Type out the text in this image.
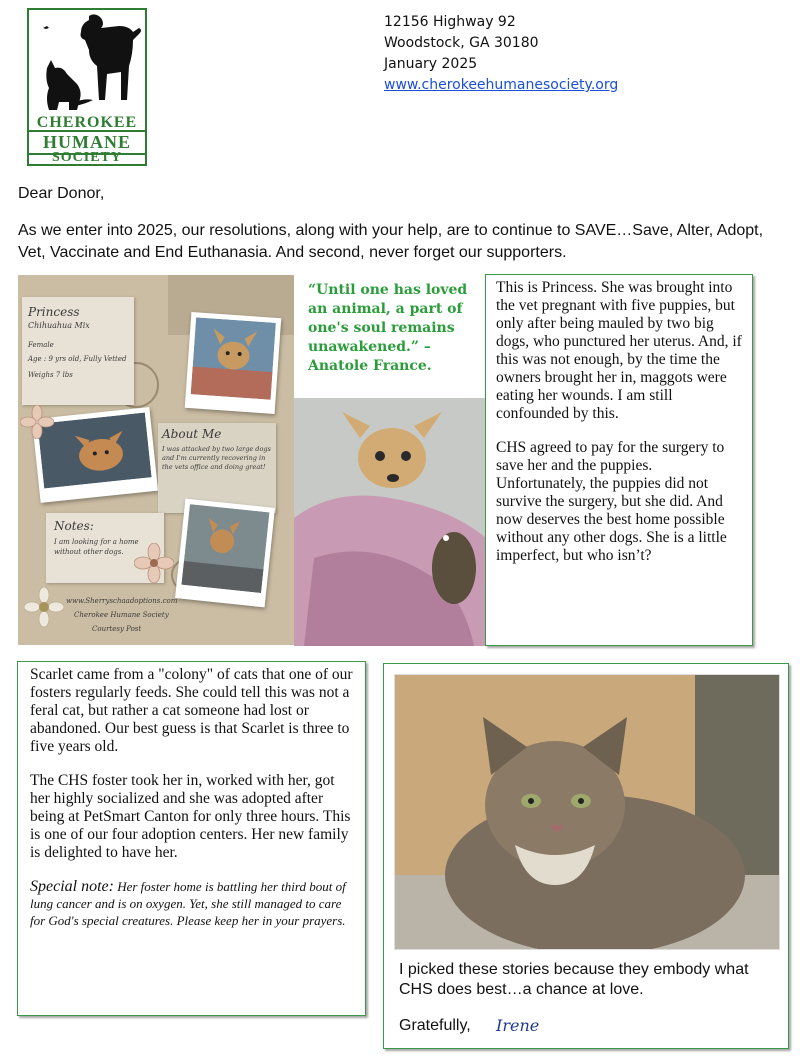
CHEROKEE
HUMANE
SOCIETY
12156 Highway 92
Woodstock, GA 30180
January 2025
www.cherokeehumanesociety.org
Dear Donor,
As we enter into 2025, our resolutions, along with your help, are to continue to SAVE…Save, Alter, Adopt, Vet, Vaccinate and End Euthanasia. And second, never forget our supporters.
Princess
Chihuahua Mix
Female
Age : 9 yrs old, Fully Vetted
Weighs 7 lbs
About Me
I was attacked by two large dogs and I'm currently recovering in the vets office and doing great!
Notes:
I am looking for a home without other dogs.
www.Sherryschaadoptions.com
Cherokee Humane Society
Courtesy Post
“Until one has loved an animal, a part of one's soul remains unawakened.” – Anatole France.

This is Princess. She was brought into the vet pregnant with five puppies, but only after being mauled by two big dogs, who punctured her uterus. And, if this was not enough, by the time the owners brought her in, maggots were eating her wounds. I am still confounded by this.

CHS agreed to pay for the surgery to save her and the puppies. Unfortunately, the puppies did not survive the surgery, but she did. And now deserves the best home possible without any other dogs. She is a little imperfect, but who isn’t?

Scarlet came from a "colony" of cats that one of our fosters regularly feeds. She could tell this was not a feral cat, but rather a cat someone had lost or abandoned. Our best guess is that Scarlet is three to five years old.

The CHS foster took her in, worked with her, got her highly socialized and she was adopted after being at PetSmart Canton for only three hours. This is one of our four adoption centers. Her new family is delighted to have her.

Special note: Her foster home is battling her third bout of lung cancer and is on oxygen. Yet, she still managed to care for God's special creatures. Please keep her in your prayers.

I picked these stories because they embody what CHS does best…a chance at love.
Gratefully, Irene
